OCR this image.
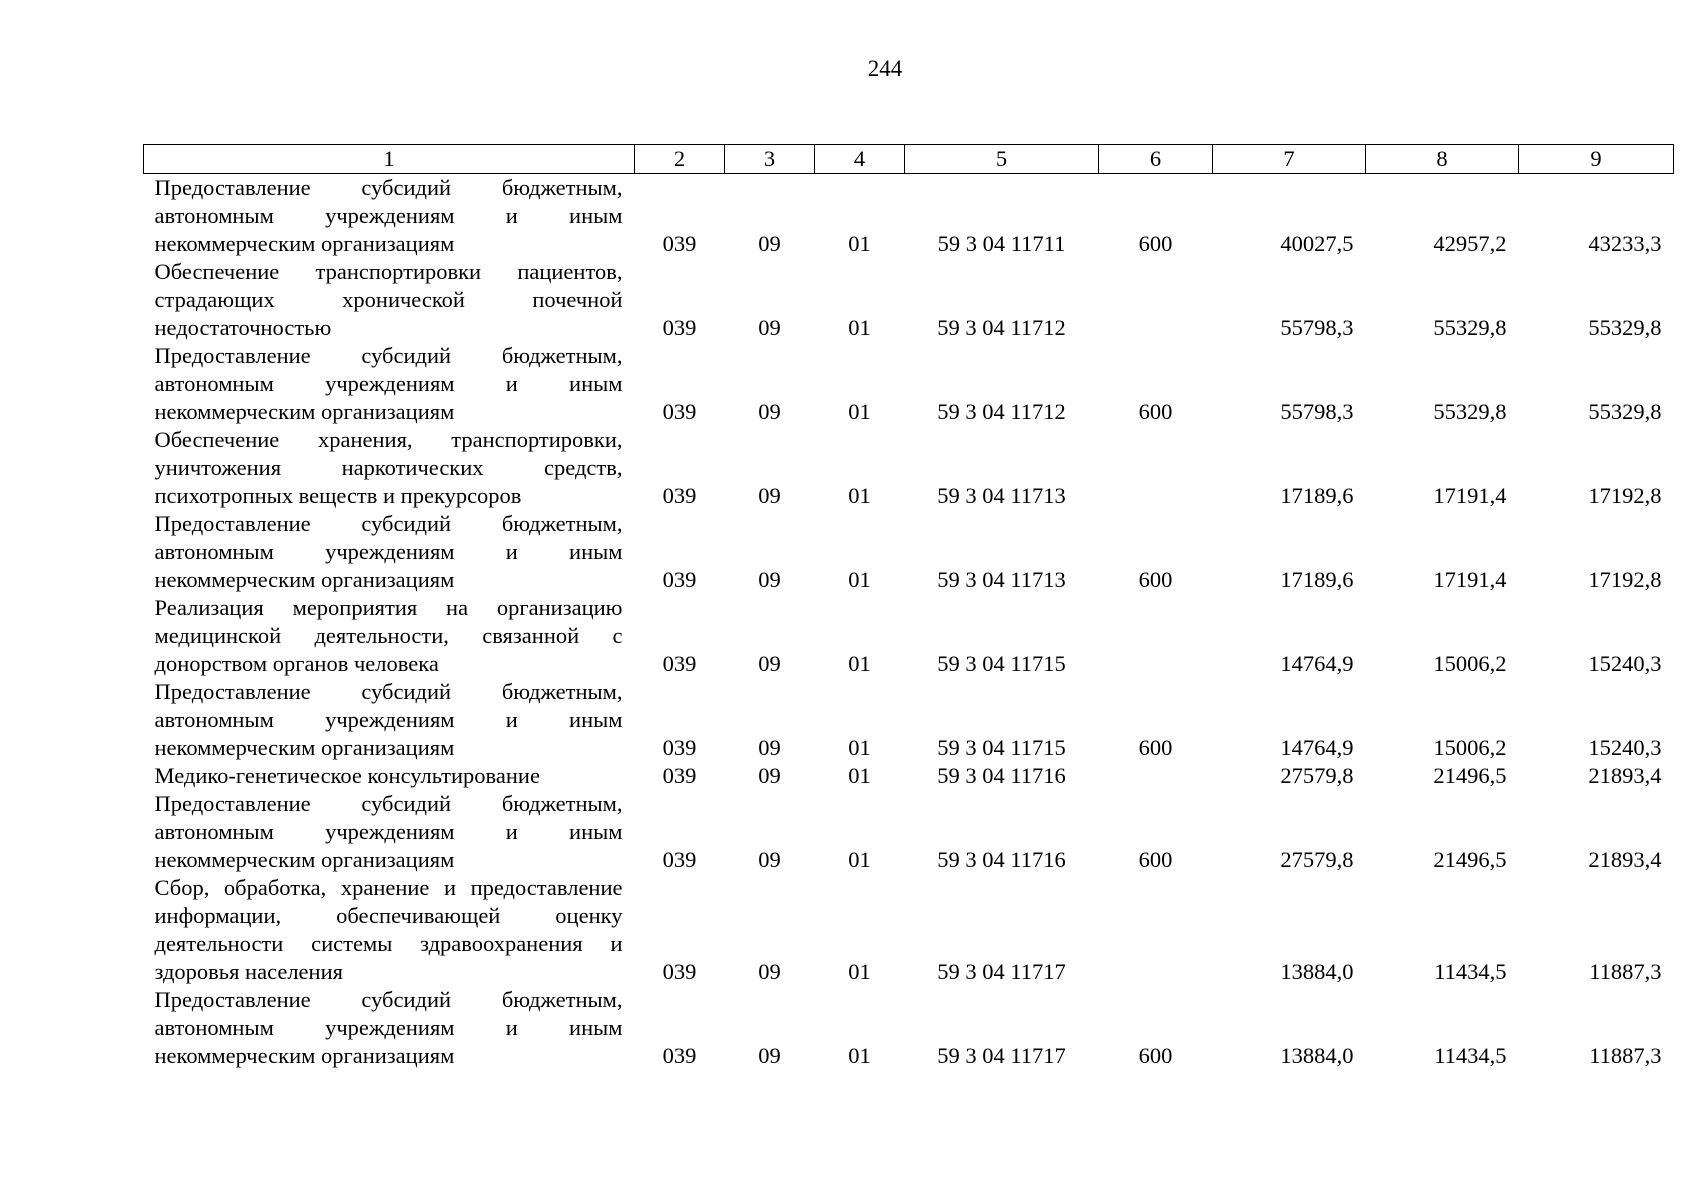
244
1	2	3	4	5	6	7	8	9
Предоставление субсидий бюджетным, автономным учреждениям и иным некоммерческим организациям	039	09	01	59 3 04 11711	600	40027,5	42957,2	43233,3
Обеспечение транспортировки пациентов, страдающих хронической почечной недостаточностью	039	09	01	59 3 04 11712		55798,3	55329,8	55329,8
Предоставление субсидий бюджетным, автономным учреждениям и иным некоммерческим организациям	039	09	01	59 3 04 11712	600	55798,3	55329,8	55329,8
Обеспечение хранения, транспортировки, уничтожения наркотических средств, психотропных веществ и прекурсоров	039	09	01	59 3 04 11713		17189,6	17191,4	17192,8
Предоставление субсидий бюджетным, автономным учреждениям и иным некоммерческим организациям	039	09	01	59 3 04 11713	600	17189,6	17191,4	17192,8
Реализация мероприятия на организацию медицинской деятельности, связанной с донорством органов человека	039	09	01	59 3 04 11715		14764,9	15006,2	15240,3
Предоставление субсидий бюджетным, автономным учреждениям и иным некоммерческим организациям	039	09	01	59 3 04 11715	600	14764,9	15006,2	15240,3
Медико-генетическое консультирование	039	09	01	59 3 04 11716		27579,8	21496,5	21893,4
Предоставление субсидий бюджетным, автономным учреждениям и иным некоммерческим организациям	039	09	01	59 3 04 11716	600	27579,8	21496,5	21893,4
Сбор, обработка, хранение и предоставление информации, обеспечивающей оценку деятельности системы здравоохранения и здоровья населения	039	09	01	59 3 04 11717		13884,0	11434,5	11887,3
Предоставление субсидий бюджетным, автономным учреждениям и иным некоммерческим организациям	039	09	01	59 3 04 11717	600	13884,0	11434,5	11887,3
